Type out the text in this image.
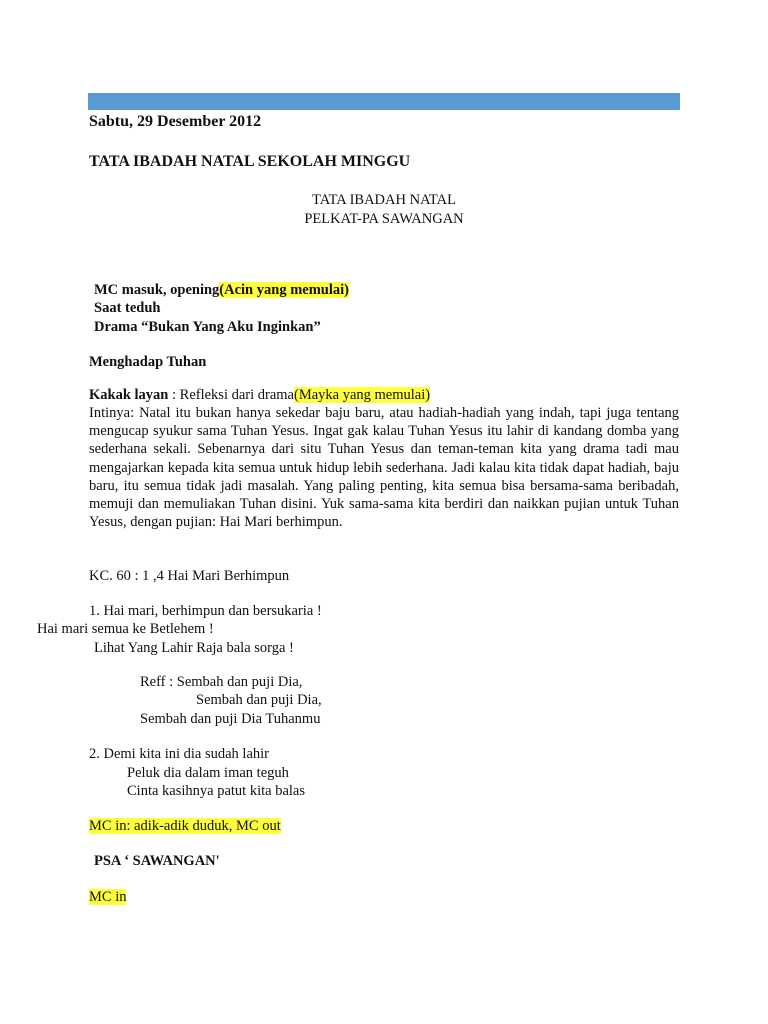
Sabtu, 29 Desember 2012
TATA IBADAH NATAL SEKOLAH MINGGU
TATA IBADAH NATAL
PELKAT-PA SAWANGAN
MC masuk, opening(Acin yang memulai)
Saat teduh
Drama “Bukan Yang Aku Inginkan”
Menghadap Tuhan
Kakak layan : Refleksi dari drama(Mayka yang memulai)

Intinya: Natal itu bukan hanya sekedar baju baru, atau hadiah-hadiah yang indah, tapi juga tentang mengucap syukur sama Tuhan Yesus. Ingat gak kalau Tuhan Yesus itu lahir di kandang domba yang sederhana sekali. Sebenarnya dari situ Tuhan Yesus dan teman-teman kita yang drama tadi mau mengajarkan kepada kita semua untuk hidup lebih sederhana. Jadi kalau kita tidak dapat hadiah, baju baru, itu semua tidak jadi masalah. Yang paling penting, kita semua bisa bersama-sama beribadah, memuji dan memuliakan Tuhan disini. Yuk sama-sama kita berdiri dan naikkan pujian untuk Tuhan Yesus, dengan pujian: Hai Mari berhimpun.

KC. 60 : 1 ,4 Hai Mari Berhimpun
1. Hai mari, berhimpun dan bersukaria !
Hai mari semua ke Betlehem !
Lihat Yang Lahir Raja bala sorga !
Reff : Sembah dan puji Dia,
Sembah dan puji Dia,
Sembah dan puji Dia Tuhanmu
2. Demi kita ini dia sudah lahir
Peluk dia dalam iman teguh
Cinta kasihnya patut kita balas
MC in: adik-adik duduk, MC out
PSA ‘ SAWANGAN'
MC in
